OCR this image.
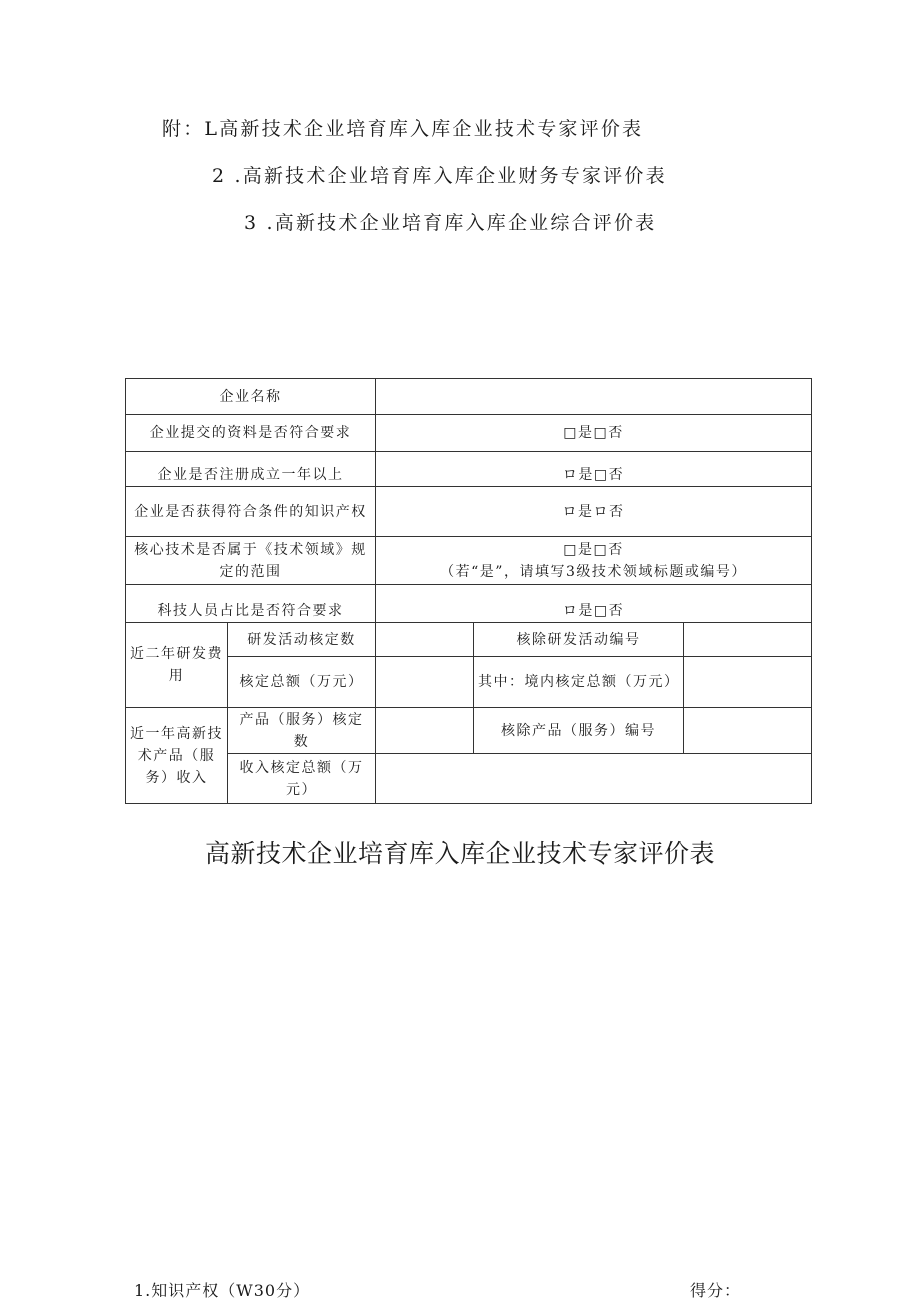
附：L高新技术企业培育库入库企业技术专家评价表
2 .高新技术企业培育库入库企业财务专家评价表
3 .高新技术企业培育库入库企业综合评价表
企业名称				
企业提交的资料是否符合要求		□是□否		
企业是否注册成立一年以上		ロ是□否		
企业是否获得符合条件的知识产权		ロ是ロ否		
核心技术是否属于《技术领域》规定的范围		□是□否
（若“是”，请填写3级技术领域标题或编号）		

科技人员占比是否符合要求		ロ是□否		
近二年研发费用	研发活动核定数		核除研发活动编号	
	核定总额（万元）		其中：境内核定总额（万元）	
近一年高新技术产品（服务）收入	产品（服务）核定数		核除产品（服务）编号	
	收入核定总额（万元）			
高新技术企业培育库入库企业技术专家评价表
1.知识产权（W30分）	得分：
